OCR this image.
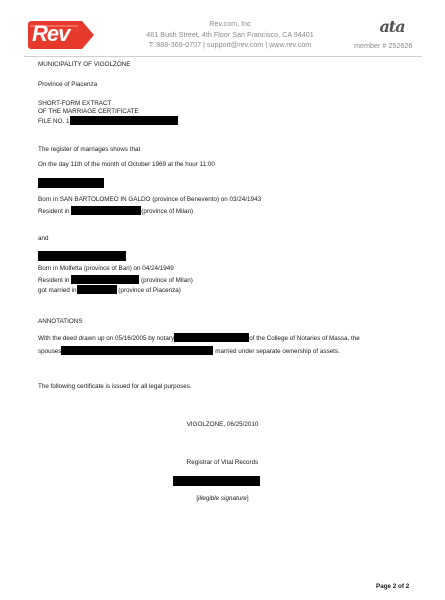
Rev	Rev.com, Inc
461 Bush Street, 4th Floor San Francisco, CA 94401
T: 888-369-0707 | support@rev.com | www.rev.com
ata
member # 252626
MUNICIPALITY OF VIGOLZONE
Province of Piacenza
SHORT-FORM EXTRACT
OF THE MARRIAGE CERTIFICATE
FILE NO. 1
The register of marriages shows that
On the day 11th of the month of October 1969 at the hour 11:00
Born in SAN BARTOLOMEO IN GALDO (province of Benevento) on 03/24/1943
Resident in	(province of Milan)
and
Born in Molfetta (province of Bari) on 04/24/1949
Resident in	(province of Milan)
got married in	(province of Piacenza)
ANNOTATIONS
With the deed drawn up on 05/16/2005 by notary	of the College of Notaries of Massa, the
spouses	married under separate ownership of assets.
The following certificate is issued for all legal purposes.
VIGOLZONE, 06/25/2010
Registrar of Vital Records
[illegible signature]
Page 2 of 2
